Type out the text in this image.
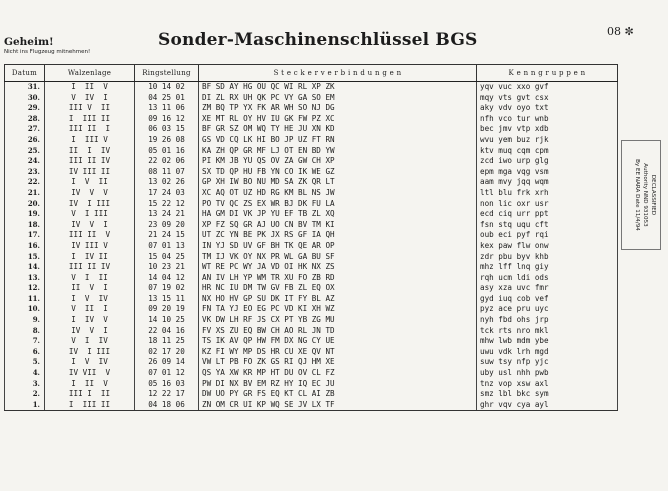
Geheim!
Nicht ins Flugzeug mitnehmen!
Sonder-Maschinenschlüssel BGS	08 ✼
Datum	Walzenlage	Ringstellung	S t e c k e r v e r b i n d u n g e n	K e n n g r u p p e n
31.	I  II  V	10 14 02	BF SD AY HG OU QC WI RL XP ZK	yqv vuc xxo gvf
30.	V  IV  I	04 25 01	DI ZL RX UH QK PC VY GA SO EM	mqy vts gvt csx
29.	III V  II	13 11 06	ZM BQ TP YX FK AR WH SO NJ DG	aky vdv oyo txt
28.	I  III II	09 16 12	XE MT RL OY HV IU GK FW PZ XC	nfh vco tur wnb
27.	III II  I	06 03 15	BF GR SZ OM WQ TY HE JU XN KD	bec jmv vtp xdb
26.	I  III V	19 26 08	GS VD CQ LK HI BO JP UZ FT RN	wvu yem buz rjk
25.	II  I  IV	05 01 16	KA ZH QP GR MF LJ OT EN BD YW	ktv muq cqm cpm
24.	III II IV	22 02 06	PI KM JB YU QS OV ZA GW CH XP	zcd iwo urp glg
23.	IV III II	08 11 07	SX TD QP HU FB YN CO IK WE GZ	epm mga vqg vsm
22.	I  V  II	13 02 26	GP XH IW BO NU MD SA ZK QR LT	aam mvy jqq wqm
21.	IV  V  V	17 24 03	XC AQ OT UZ HD RG KM BL NS JW	ltl blu frk xrh
20.	IV  I III	15 22 12	PO TV QC ZS EX WR BJ DK FU LA	non lic oxr usr
19.	V  I III	13 24 21	HA GM DI VK JP YU EF TB ZL XQ	ecd ciq urr ppt
18.	IV  V  I	23 09 20	XP FZ SQ GR AJ UO CN BV TM KI	fsn stq uqu cft
17.	III II  V	21 24 15	UT ZC YN BE PK JX RS GF IA QH	oub eci pyf rqi
16.	IV III V	07 01 13	IN YJ SD UV GF BH TK QE AR OP	kex paw flw onw
15.	I  IV II	15 04 25	TM IJ VK OY NX PR WL GA BU SF	zdr pbu byv khb
14.	III II IV	10 23 21	WT RE PC WY JA VD OI HK NX ZS	mhz lff lnq giy
13.	V  I  II	14 04 12	AN IV LH YP WM TR XU FO ZB RD	rqh ucm ldi ods
12.	II  V  I	07 19 02	HR NC IU DM TW GV FB ZL EQ OX	asy xza uvc fmr
11.	I  V  IV	13 15 11	NX HO HV GP SU DK IT FY BL AZ	gyd iuq cob vef
10.	V  II  I	09 20 19	FN TA YJ EO EG PC VD KI XH WZ	pyz ace pru uyc
9.	I  IV  V	14 10 25	VK DW LH RF JS CX PT YB ZG MU	nyh fbd ohs jrp
8.	IV  V  I	22 04 16	FV XS ZU EQ BW CH AO RL JN TD	tck rts nro mkl
7.	V  I  IV	18 11 25	TS IK AV QP HW FM DX NG CY UE	mhw lwb mdm ybe
6.	IV  I III	02 17 20	KZ FI WY MP DS HR CU XE QV NT	uwu vdk lrh mgd
5.	I  V  IV	26 09 14	VW LT PB FO ZK GS RI QJ HM XE	suw tsy nfp yjc
4.	IV VII  V	07 01 12	QS YA XW KR MP HT DU OV CL FZ	uby usl nhh pwb
3.	I  II  V	05 16 03	PW DI NX BV EM RZ HY IQ EC JU	tnz vop xsw axl
2.	III I  II	12 22 17	DW UO PY GR FS EQ KT CL AI ZB	smz lbl bkc sym
1.	I  III II	04 18 06	ZN OM CR UI KP WQ SE JV LX TF	ghr vqv cya ayl
DECLASSIFIED
Authority NND 931053
By EE NARA Date 11/4/94
